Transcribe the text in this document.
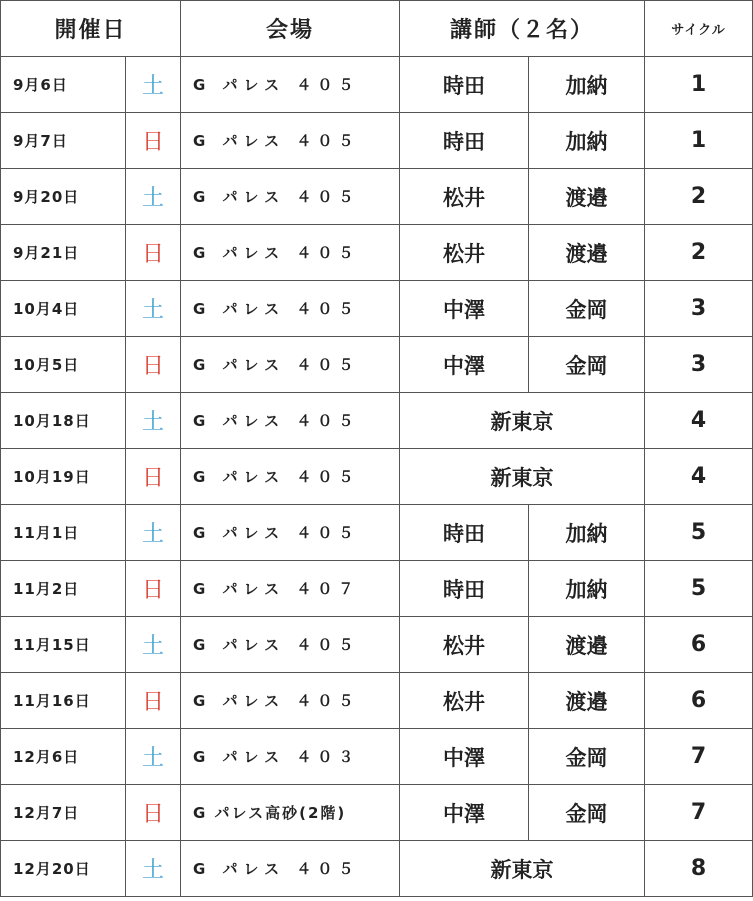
開催日		会場	講師（２名）		サイクル
9月6日	土	G パレス ４０５	時田	加納	1
9月7日	日	G パレス ４０５	時田	加納	1
9月20日	土	G パレス ４０５	松井	渡邉	2
9月21日	日	G パレス ４０５	松井	渡邉	2
10月4日	土	G パレス ４０５	中澤	金岡	3
10月5日	日	G パレス ４０５	中澤	金岡	3
10月18日	土	G パレス ４０５	新東京		4
10月19日	日	G パレス ４０５	新東京		4
11月1日	土	G パレス ４０５	時田	加納	5
11月2日	日	G パレス ４０７	時田	加納	5
11月15日	土	G パレス ４０５	松井	渡邉	6
11月16日	日	G パレス ４０５	松井	渡邉	6
12月6日	土	G パレス ４０３	中澤	金岡	7
12月7日	日	G パレス高砂(2階)	中澤	金岡	7
12月20日	土	G パレス ４０５	新東京		8
